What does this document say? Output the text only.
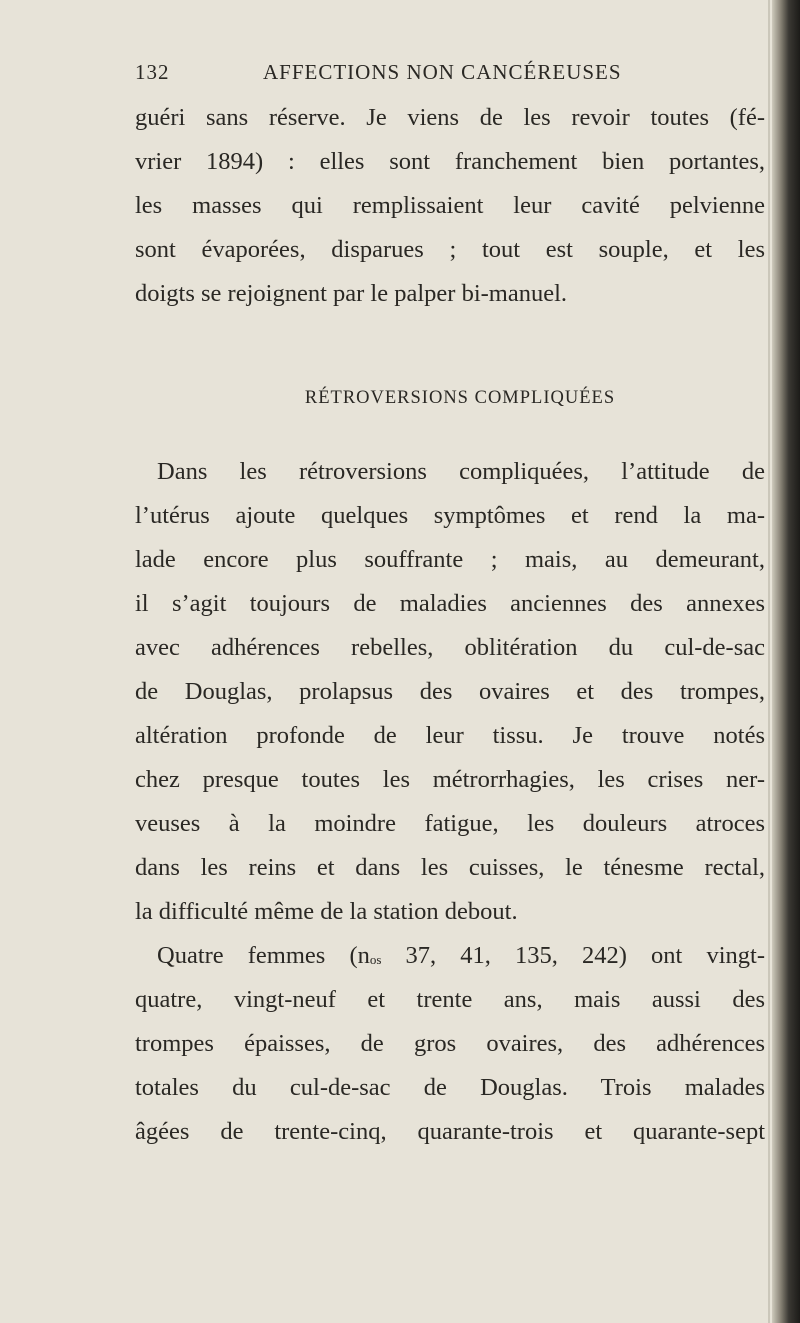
132	AFFECTIONS NON CANCÉREUSES

guéri sans réserve. Je viens de les revoir toutes (fé-
vrier 1894) : elles sont franchement bien portantes,
les masses qui remplissaient leur cavité pelvienne
sont évaporées, disparues ; tout est souple, et les
doigts se rejoignent par le palper bi-manuel.

RÉTROVERSIONS COMPLIQUÉES

Dans les rétroversions compliquées, l’attitude de
l’utérus ajoute quelques symptômes et rend la ma-
lade encore plus souffrante ; mais, au demeurant,
il s’agit toujours de maladies anciennes des annexes
avec adhérences rebelles, oblitération du cul-de-sac
de Douglas, prolapsus des ovaires et des trompes,
altération profonde de leur tissu. Je trouve notés
chez presque toutes les métrorrhagies, les crises ner-
veuses à la moindre fatigue, les douleurs atroces
dans les reins et dans les cuisses, le ténesme rectal,
la difficulté même de la station debout.

Quatre femmes ($n^{os}$ 37, 41, 135, 242) ont vingt-
quatre, vingt-neuf et trente ans, mais aussi des
trompes épaisses, de gros ovaires, des adhérences
totales du cul-de-sac de Douglas. Trois malades
âgées de trente-cinq, quarante-trois et quarante-sept
